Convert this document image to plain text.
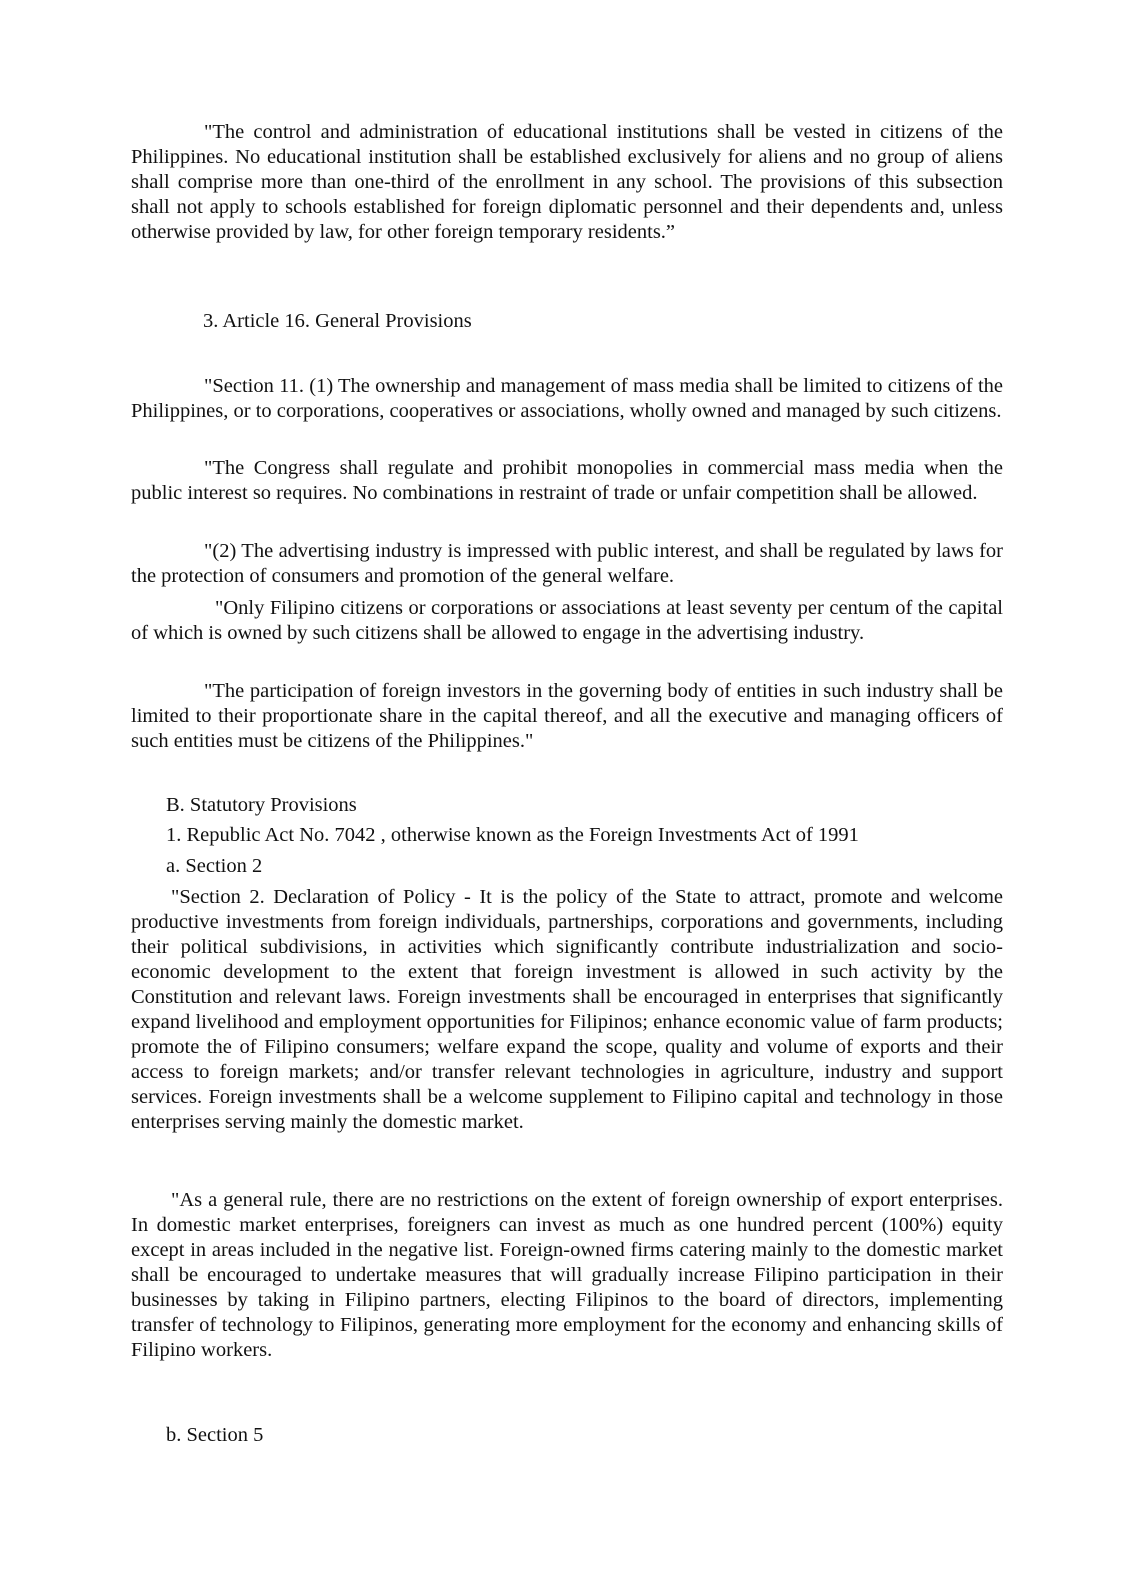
"The control and administration of educational institutions shall be vested in citizens of the Philippines. No educational institution shall be established exclusively for aliens and no group of aliens shall comprise more than one-third of the enrollment in any school. The provisions of this subsection shall not apply to schools established for foreign diplomatic personnel and their dependents and, unless otherwise provided by law, for other foreign temporary residents.”

3. Article 16. General Provisions

"Section 11. (1) The ownership and management of mass media shall be limited to citizens of the Philippines, or to corporations, cooperatives or associations, wholly owned and managed by such citizens.

"The Congress shall regulate and prohibit monopolies in commercial mass media when the public interest so requires. No combinations in restraint of trade or unfair competition shall be allowed.

"(2) The advertising industry is impressed with public interest, and shall be regulated by laws for the protection of consumers and promotion of the general welfare.

"Only Filipino citizens or corporations or associations at least seventy per centum of the capital of which is owned by such citizens shall be allowed to engage in the advertising industry.

"The participation of foreign investors in the governing body of entities in such industry shall be limited to their proportionate share in the capital thereof, and all the executive and managing officers of such entities must be citizens of the Philippines."

B. Statutory Provisions

1. Republic Act No. 7042 , otherwise known as the Foreign Investments Act of 1991

a. Section 2

"Section 2. Declaration of Policy - It is the policy of the State to attract, promote and welcome productive investments from foreign individuals, partnerships, corporations and governments, including their political subdivisions, in activities which significantly contribute industrialization and socio-economic development to the extent that foreign investment is allowed in such activity by the Constitution and relevant laws. Foreign investments shall be encouraged in enterprises that significantly expand livelihood and employment opportunities for Filipinos; enhance economic value of farm products; promote the of Filipino consumers; welfare expand the scope, quality and volume of exports and their access to foreign markets; and/or transfer relevant technologies in agriculture, industry and support services. Foreign investments shall be a welcome supplement to Filipino capital and technology in those enterprises serving mainly the domestic market.

"As a general rule, there are no restrictions on the extent of foreign ownership of export enterprises. In domestic market enterprises, foreigners can invest as much as one hundred percent (100%) equity except in areas included in the negative list. Foreign-owned firms catering mainly to the domestic market shall be encouraged to undertake measures that will gradually increase Filipino participation in their businesses by taking in Filipino partners, electing Filipinos to the board of directors, implementing transfer of technology to Filipinos, generating more employment for the economy and enhancing skills of Filipino workers.

b. Section 5
